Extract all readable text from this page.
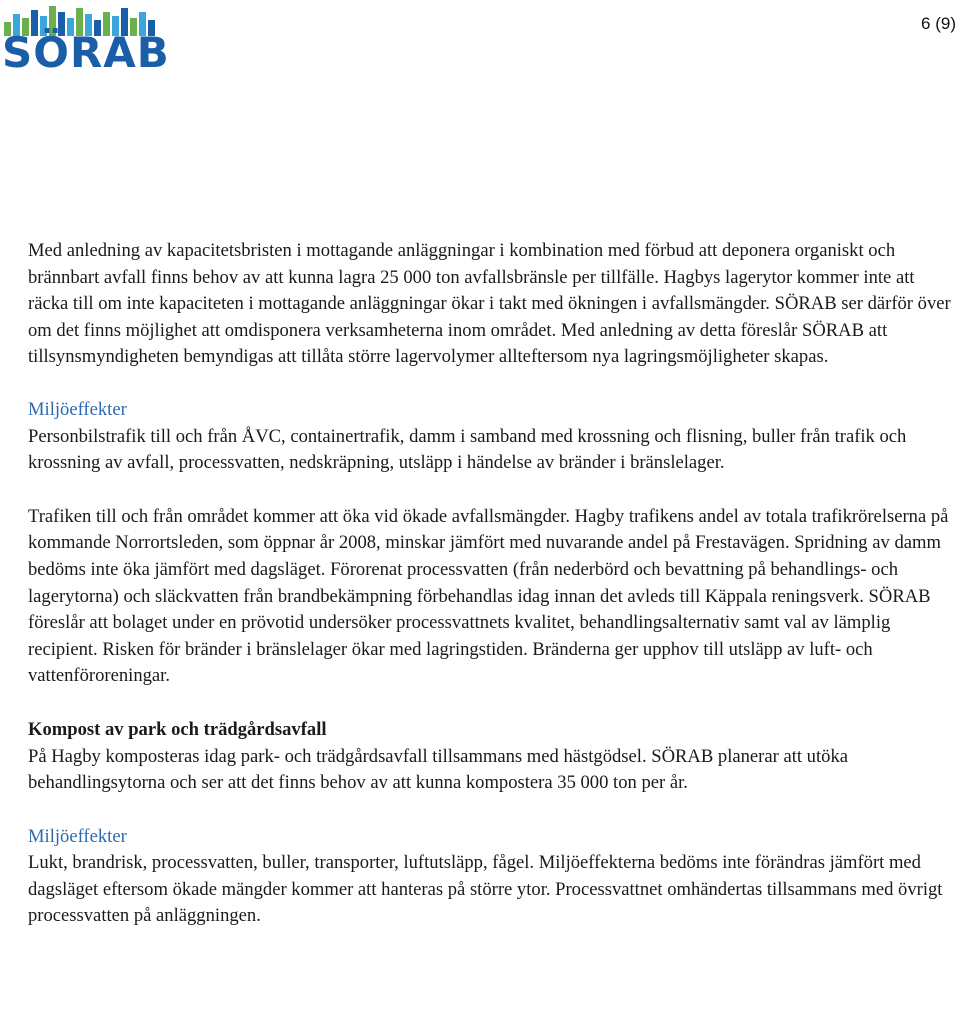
SÖRAB
6 (9)

Med anledning av kapacitetsbristen i mottagande anläggningar i kombination med förbud att deponera organiskt och brännbart avfall finns behov av att kunna lagra 25 000 ton avfallsbränsle per tillfälle. Hagbys lagerytor kommer inte att räcka till om inte kapaciteten i mottagande anläggningar ökar i takt med ökningen i avfallsmängder. SÖRAB ser därför över om det finns möjlighet att omdisponera verksamheterna inom området. Med anledning av detta föreslår SÖRAB att tillsynsmyndigheten bemyndigas att tillåta större lagervolymer allteftersom nya lagringsmöjligheter skapas.

Miljöeffekter

Personbilstrafik till och från ÅVC, containertrafik, damm i samband med krossning och flisning, buller från trafik och krossning av avfall, processvatten, nedskräpning, utsläpp i händelse av bränder i bränslelager.

Trafiken till och från området kommer att öka vid ökade avfallsmängder. Hagby trafikens andel av totala trafikrörelserna på kommande Norrortsleden, som öppnar år 2008, minskar jämfört med nuvarande andel på Frestavägen. Spridning av damm bedöms inte öka jämfört med dagsläget. Förorenat processvatten (från nederbörd och bevattning på behandlings- och lagerytorna) och släckvatten från brandbekämpning förbehandlas idag innan det avleds till Käppala reningsverk. SÖRAB föreslår att bolaget under en prövotid undersöker processvattnets kvalitet, behandlingsalternativ samt val av lämplig recipient. Risken för bränder i bränslelager ökar med lagringstiden. Bränderna ger upphov till utsläpp av luft- och vattenföroreningar.

Kompost av park och trädgårdsavfall

På Hagby komposteras idag park- och trädgårdsavfall tillsammans med hästgödsel. SÖRAB planerar att utöka behandlingsytorna och ser att det finns behov av att kunna kompostera 35 000 ton per år.

Miljöeffekter

Lukt, brandrisk, processvatten, buller, transporter, luftutsläpp, fågel. Miljöeffekterna bedöms inte förändras jämfört med dagsläget eftersom ökade mängder kommer att hanteras på större ytor. Processvattnet omhändertas tillsammans med övrigt processvatten på anläggningen.
